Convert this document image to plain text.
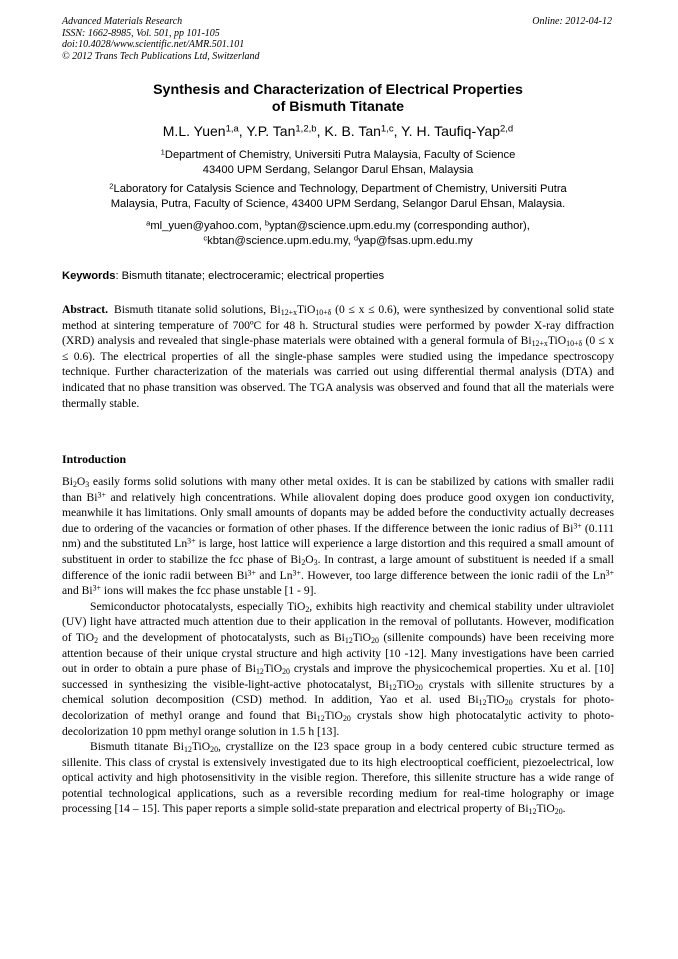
Advanced Materials Research
ISSN: 1662-8985, Vol. 501, pp 101-105
doi:10.4028/www.scientific.net/AMR.501.101
© 2012 Trans Tech Publications Ltd, Switzerland
Online: 2012-04-12
Synthesis and Characterization of Electrical Properties
of Bismuth Titanate
M.L. Yuen$^{1,a}$, Y.P. Tan$^{1,2,b}$, K. B. Tan$^{1,c}$, Y. H. Taufiq-Yap$^{2,d}$
$^1$Department of Chemistry, Universiti Putra Malaysia, Faculty of Science
43400 UPM Serdang, Selangor Darul Ehsan, Malaysia
$^2$Laboratory for Catalysis Science and Technology, Department of Chemistry, Universiti Putra
Malaysia, Putra, Faculty of Science, 43400 UPM Serdang, Selangor Darul Ehsan, Malaysia.
$^a$ml_yuen@yahoo.com, $^b$yptan@science.upm.edu.my (corresponding author),
$^c$kbtan@science.upm.edu.my, $^d$yap@fsas.upm.edu.my
Keywords: Bismuth titanate; electroceramic; electrical properties
Abstract. Bismuth titanate solid solutions, $Bi_{12+x}TiO_{10+\delta}$ (0 ≤ x ≤ 0.6), were synthesized by conventional solid state method at sintering temperature of 700ºC for 48 h. Structural studies were performed by powder X-ray diffraction (XRD) analysis and revealed that single-phase materials were obtained with a general formula of $Bi_{12+x}TiO_{10+\delta}$ (0 ≤ x ≤ 0.6). The electrical properties of all the single-phase samples were studied using the impedance spectroscopy technique. Further characterization of the materials was carried out using differential thermal analysis (DTA) and indicated that no phase transition was observed. The TGA analysis was observed and found that all the materials were thermally stable.
Introduction

$Bi_2O_3$ easily forms solid solutions with many other metal oxides. It is can be stabilized by cations with smaller radii than $Bi^{3+}$ and relatively high concentrations. While aliovalent doping does produce good oxygen ion conductivity, meanwhile it has limitations. Only small amounts of dopants may be added before the conductivity actually decreases due to ordering of the vacancies or formation of other phases. If the difference between the ionic radius of $Bi^{3+}$ (0.111 nm) and the substituted $Ln^{3+}$ is large, host lattice will experience a large distortion and this required a small amount of substituent in order to stabilize the fcc phase of $Bi_2O_3$. In contrast, a large amount of substituent is needed if a small difference of the ionic radii between $Bi^{3+}$ and $Ln^{3+}$. However, too large difference between the ionic radii of the $Ln^{3+}$ and $Bi^{3+}$ ions will makes the fcc phase unstable [1 - 9].

Semiconductor photocatalysts, especially TiO$_2$, exhibits high reactivity and chemical stability under ultraviolet (UV) light have attracted much attention due to their application in the removal of pollutants. However, modification of TiO$_2$ and the development of photocatalysts, such as $Bi_{12}TiO_{20}$ (sillenite compounds) have been receiving more attention because of their unique crystal structure and high activity [10 -12]. Many investigations have been carried out in order to obtain a pure phase of $Bi_{12}TiO_{20}$ crystals and improve the physicochemical properties. Xu et al. [10] successed in synthesizing the visible-light-active photocatalyst, $Bi_{12}TiO_{20}$ crystals with sillenite structures by a chemical solution decomposition (CSD) method. In addition, Yao et al. used $Bi_{12}TiO_{20}$ crystals for photo-decolorization of methyl orange and found that $Bi_{12}TiO_{20}$ crystals show high photocatalytic activity to photo-decolorization 10 ppm methyl orange solution in 1.5 h [13].

Bismuth titanate $Bi_{12}TiO_{20}$, crystallize on the I23 space group in a body centered cubic structure termed as sillenite. This class of crystal is extensively investigated due to its high electrooptical coefficient, piezoelectrical, low optical activity and high photosensitivity in the visible region. Therefore, this sillenite structure has a wide range of potential technological applications, such as a reversible recording medium for real-time holography or image processing [14 – 15]. This paper reports a simple solid-state preparation and electrical property of $Bi_{12}TiO_{20}$.
